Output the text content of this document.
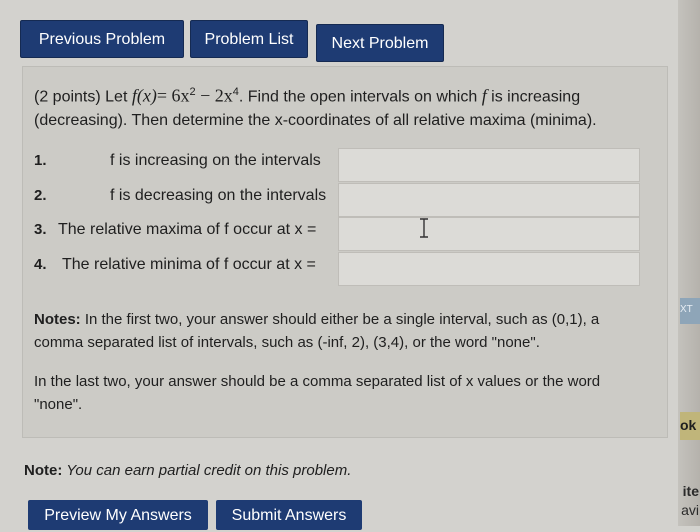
XT
ok
ite
avi
Previous Problem	Problem List	Next Problem
(2 points) Let $f(x)= 6x^2 - 2x^4$. Find the open intervals on which f is increasing
(decreasing). Then determine the x-coordinates of all relative maxima (minima).
1.	f is increasing on the intervals
2.	f is decreasing on the intervals
3. The relative maxima of f occur at x =
4. The relative minima of f occur at x =
Notes: In the first two, your answer should either be a single interval, such as (0,1), a comma separated list of intervals, such as (-inf, 2), (3,4), or the word "none".
In the last two, your answer should be a comma separated list of x values or the word "none".
Note: You can earn partial credit on this problem.
Preview My Answers	Submit Answers
